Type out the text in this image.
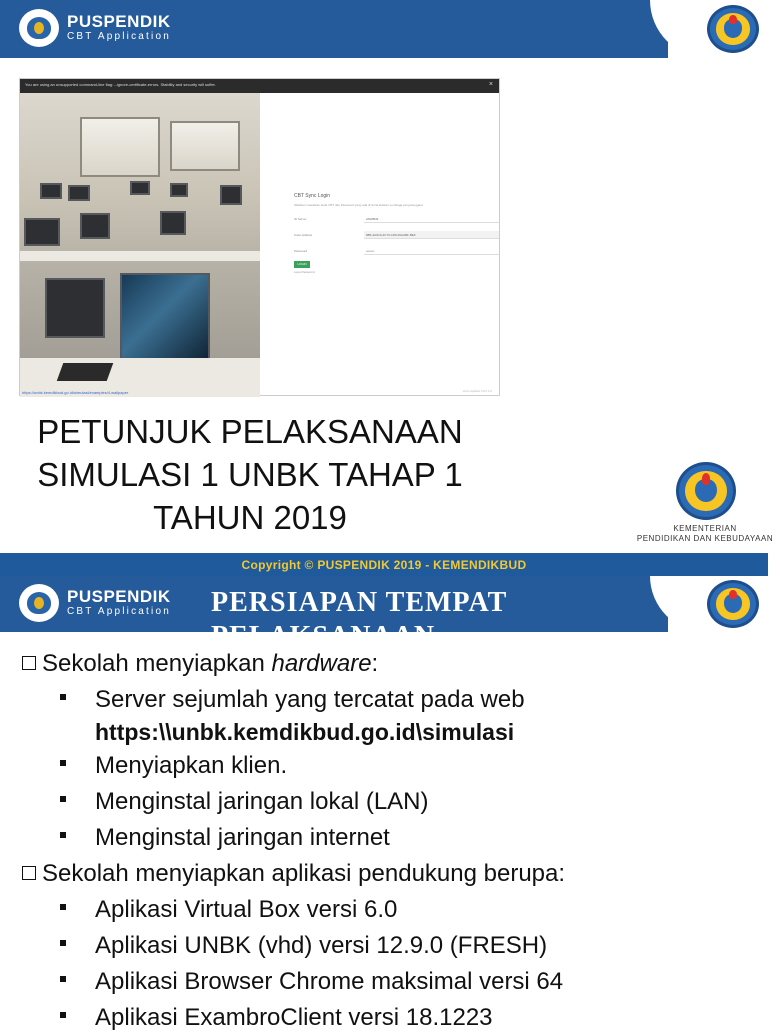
PUSPENDIK
CBT Application
You are using an unsupported command-line flag: --ignore-certificate-errors. Stability and security will suffer.	×
https://unbk.kemdikbud.go.id/simulasi/examples/4.wallpaper
CBT Sync Login
Silahkan masukkan kode CBT dan Password yang ada di Surat Edaran Lembaga penyelenggara
ID Server	2A00B43
Kode Aplikasi	9B5-4A3C9-4C73-CD6-00AABF-BEF
Password	••••••••
LOGIN
Lupa Password
Versi Aplikasi 19.0.0.0
PETUNJUK PELAKSANAAN
SIMULASI 1 UNBK TAHAP 1
TAHUN 2019	KEMENTERIAN
PENDIDIKAN DAN KEBUDAYAAN
Copyright © PUSPENDIK 2019 - KEMENDIKBUD
PERSIAPAN TEMPAT PELAKSANAAN
PUSPENDIK
CBT Application
Sekolah menyiapkan hardware:
Server sejumlah yang tercatat pada web
https:\\unbk.kemdikbud.go.id\simulasi
Menyiapkan klien.
Menginstal jaringan lokal (LAN)
Menginstal jaringan internet
Sekolah menyiapkan aplikasi pendukung berupa:
Aplikasi Virtual Box versi 6.0
Aplikasi UNBK (vhd) versi 12.9.0 (FRESH)
Aplikasi Browser Chrome maksimal versi 64
Aplikasi ExambroClient versi 18.1223
